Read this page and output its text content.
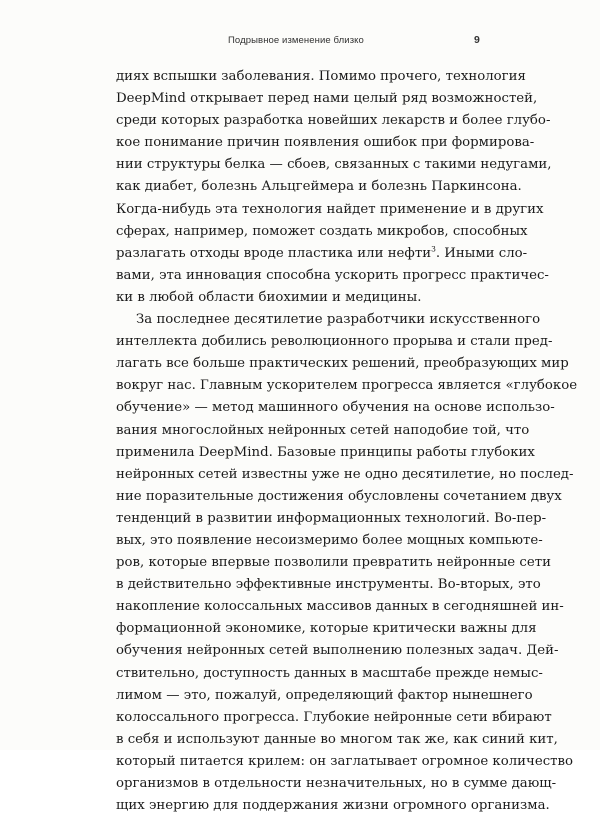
Подрывное изменение близко	9

диях вспышки заболевания. Помимо прочего, технология
DeepMind открывает перед нами целый ряд возможностей,
среди которых разработка новейших лекарств и более глубо-
кое понимание причин появления ошибок при формирова-
нии структуры белка — сбоев, связанных с такими недугами,
как диабет, болезнь Альцгеймера и болезнь Паркинсона.
Когда-нибудь эта технология найдет применение и в других
сферах, например, поможет создать микробов, способных
разлагать отходы вроде пластика или нефти$^3$. Иными сло-
вами, эта инновация способна ускорить прогресс практичес-
ки в любой области биохимии и медицины.

За последнее десятилетие разработчики искусственного
интеллекта добились революционного прорыва и стали пред-
лагать все больше практических решений, преобразующих мир
вокруг нас. Главным ускорителем прогресса является «глубокое
обучение» — метод машинного обучения на основе использо-
вания многослойных нейронных сетей наподобие той, что
применила DeepMind. Базовые принципы работы глубоких
нейронных сетей известны уже не одно десятилетие, но послед-
ние поразительные достижения обусловлены сочетанием двух
тенденций в развитии информационных технологий. Во-пер-
вых, это появление несоизмеримо более мощных компьюте-
ров, которые впервые позволили превратить нейронные сети
в действительно эффективные инструменты. Во-вторых, это
накопление колоссальных массивов данных в сегодняшней ин-
формационной экономике, которые критически важны для
обучения нейронных сетей выполнению полезных задач. Дей-
ствительно, доступность данных в масштабе прежде немыс-
лимом — это, пожалуй, определяющий фактор нынешнего
колоссального прогресса. Глубокие нейронные сети вбирают
в себя и используют данные во многом так же, как синий кит,
который питается крилем: он заглатывает огромное количество
организмов в отдельности незначительных, но в сумме дающ-
щих энергию для поддержания жизни огромного организма.
